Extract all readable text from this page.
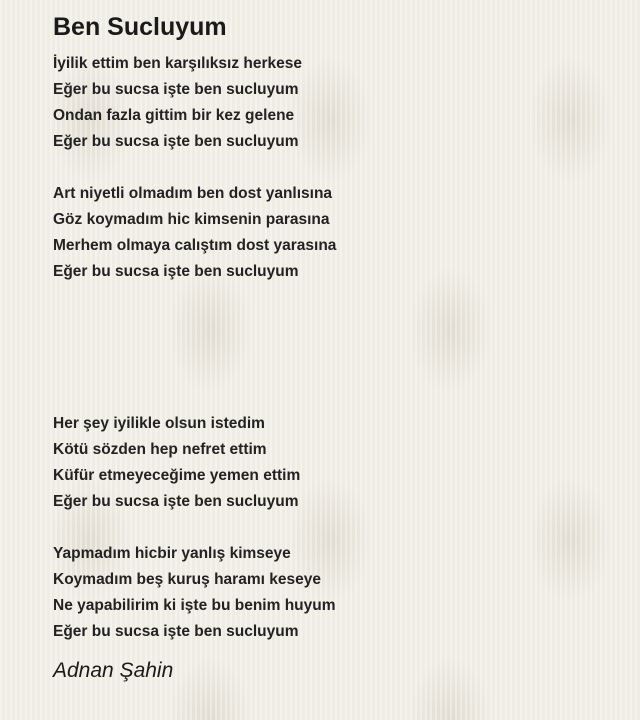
Ben Sucluyum
İyilik ettim ben karşılıksız herkese
Eğer bu sucsa işte ben sucluyum
Ondan fazla gittim bir kez gelene
Eğer bu sucsa işte ben sucluyum
Art niyetli olmadım ben dost yanlısına
Göz koymadım hic kimsenin parasına
Merhem olmaya calıştım dost yarasına
Eğer bu sucsa işte ben sucluyum
Her şey iyilikle olsun istedim
Kötü sözden hep nefret ettim
Küfür etmeyeceğime yemen ettim
Eğer bu sucsa işte ben sucluyum
Yapmadım hicbir yanlış kimseye
Koymadım beş kuruş haramı keseye
Ne yapabilirim ki işte bu benim huyum
Eğer bu sucsa işte ben sucluyum

Adnan Şahin
